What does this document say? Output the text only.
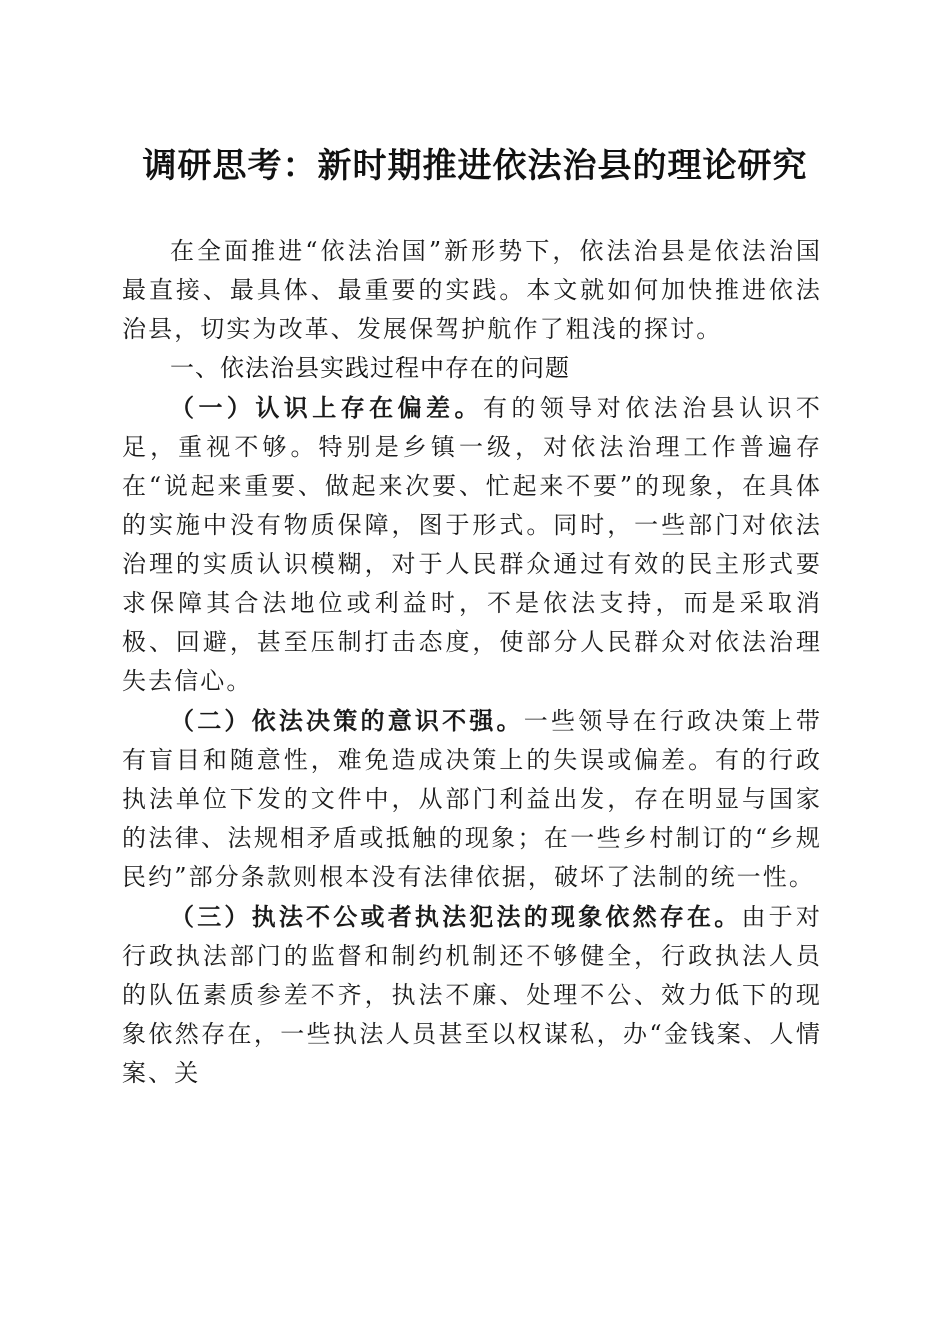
调研思考：新时期推进依法治县的理论研究

在全面推进“依法治国”新形势下，依法治县是依法治国最直接、最具体、最重要的实践。本文就如何加快推进依法治县，切实为改革、发展保驾护航作了粗浅的探讨。

一、依法治县实践过程中存在的问题

（一）认识上存在偏差。有的领导对依法治县认识不足，重视不够。特别是乡镇一级，对依法治理工作普遍存在“说起来重要、做起来次要、忙起来不要”的现象，在具体的实施中没有物质保障，图于形式。同时，一些部门对依法治理的实质认识模糊，对于人民群众通过有效的民主形式要求保障其合法地位或利益时，不是依法支持，而是采取消极、回避，甚至压制打击态度，使部分人民群众对依法治理失去信心。

（二）依法决策的意识不强。一些领导在行政决策上带有盲目和随意性，难免造成决策上的失误或偏差。有的行政执法单位下发的文件中，从部门利益出发，存在明显与国家的法律、法规相矛盾或抵触的现象；在一些乡村制订的“乡规民约”部分条款则根本没有法律依据，破坏了法制的统一性。

（三）执法不公或者执法犯法的现象依然存在。由于对行政执法部门的监督和制约机制还不够健全，行政执法人员的队伍素质参差不齐，执法不廉、处理不公、效力低下的现象依然存在，一些执法人员甚至以权谋私，办“金钱案、人情案、关
